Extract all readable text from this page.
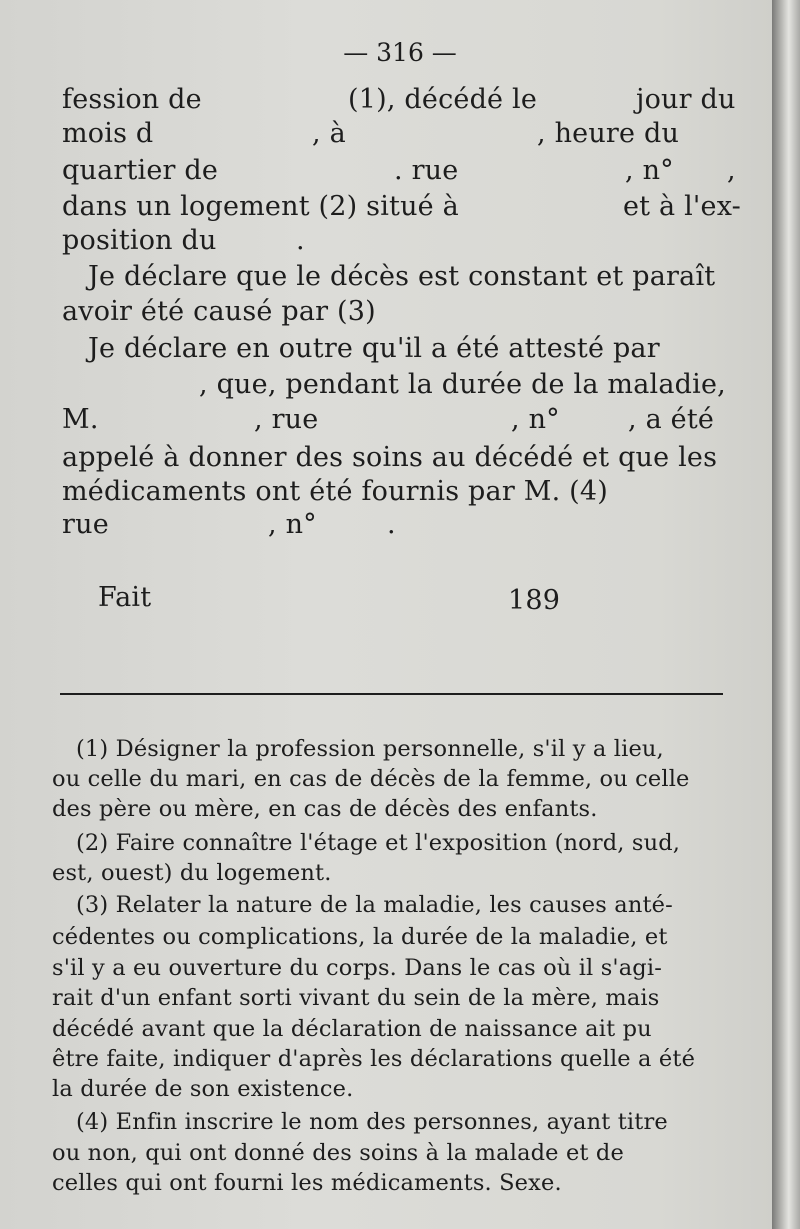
— 316 —
fession de	(1), décédé le	jour du
mois d	, à	, heure du
quartier de	. rue	, n° ,
dans un logement (2) situé à	et à l'ex-
position du	.
Je déclare que le décès est constant et paraît
avoir été causé par (3)
Je déclare en outre qu'il a été attesté par
, que, pendant la durée de la maladie,
M.	, rue	, n°	, a été
appelé à donner des soins au décédé et que les
médicaments ont été fournis par M. (4)
rue	, n°	.
Fait	189
(1) Désigner la profession personnelle, s'il y a lieu,
ou celle du mari, en cas de décès de la femme, ou celle
des père ou mère, en cas de décès des enfants.
(2) Faire connaître l'étage et l'exposition (nord, sud,
est, ouest) du logement.
(3) Relater la nature de la maladie, les causes anté-
cédentes ou complications, la durée de la maladie, et
s'il y a eu ouverture du corps. Dans le cas où il s'agi-
rait d'un enfant sorti vivant du sein de la mère, mais
décédé avant que la déclaration de naissance ait pu
être faite, indiquer d'après les déclarations quelle a été
la durée de son existence.
(4) Enfin inscrire le nom des personnes, ayant titre
ou non, qui ont donné des soins à la malade et de
celles qui ont fourni les médicaments. Sexe.
